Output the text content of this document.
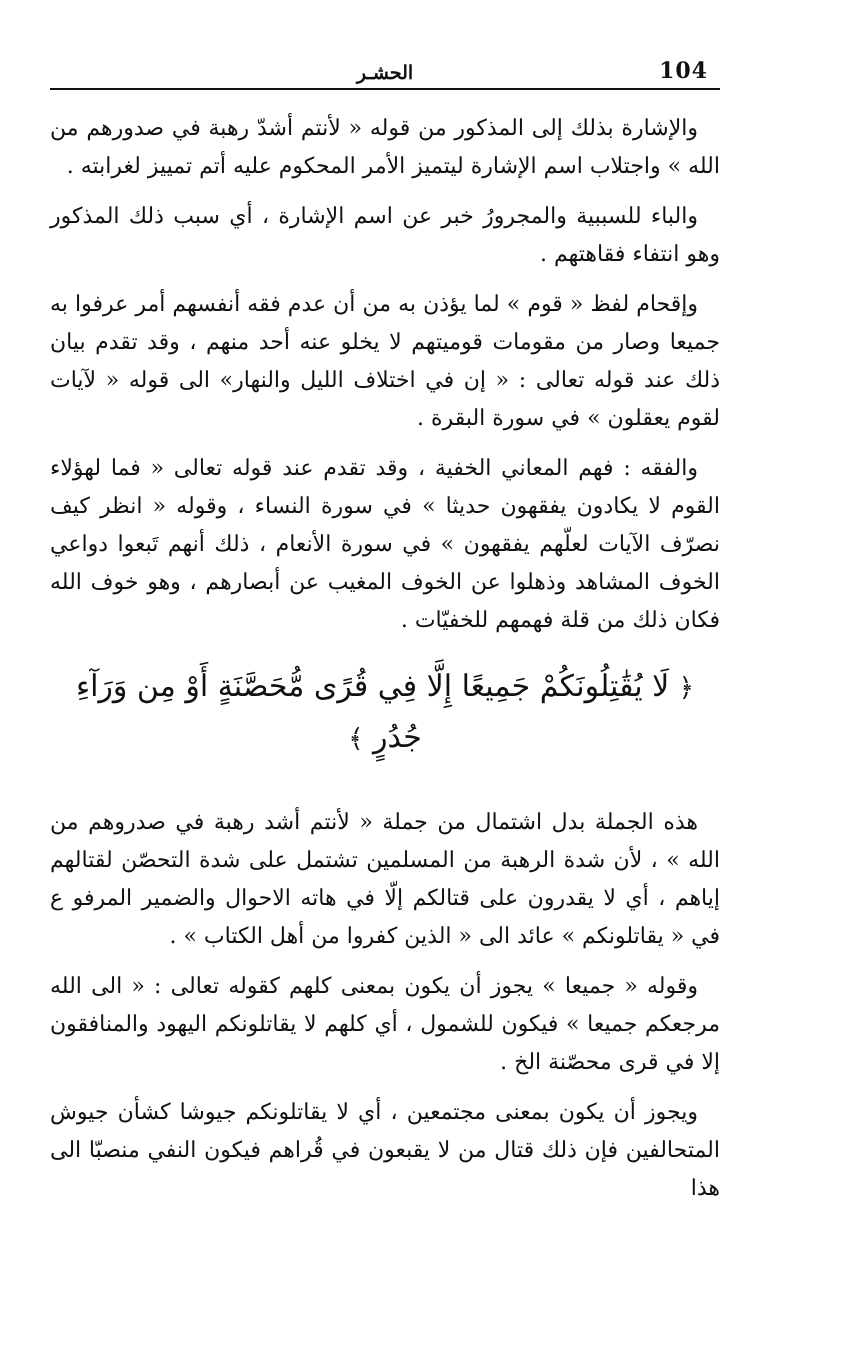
104
الحشـر

والإشارة بذلك إلى المذكور من قوله « لأنتم أشدّ رهبة في صدورهم من الله » واجتلاب اسم الإشارة ليتميز الأمر المحكوم عليه أتم تمييز لغرابته .

والباء للسببية والمجرورُ خبر عن اسم الإشارة ، أي سبب ذلك المذكور وهو انتفاء فقاهتهم .

وإقحام لفظ « قوم » لما يؤذن به من أن عدم فقه أنفسهم أمر عرفوا به جميعا وصار من مقومات قوميتهم لا يخلو عنه أحد منهم ، وقد تقدم بيان ذلك عند قوله تعالى : « إن في اختلاف الليل والنهار» الى قوله « لآيات لقوم يعقلون » في سورة البقرة .

والفقه : فهم المعاني الخفية ، وقد تقدم عند قوله تعالى « فما لهؤلاء القوم لا يكادون يفقهون حديثا » في سورة النساء ، وقوله « انظر كيف نصرّف الآيات لعلّهم يفقهون » في سورة الأنعام ، ذلك أنهم تَبعوا دواعي الخوف المشاهد وذهلوا عن الخوف المغيب عن أبصارهم ، وهو خوف الله فكان ذلك من قلة فهمهم للخفيّات .

﴿ لَا يُقَٰتِلُونَكُمْ جَمِيعًا إِلَّا فِي قُرًى مُّحَصَّنَةٍ أَوْ مِن وَرَآءِ جُدُرٍ ﴾

هذه الجملة بدل اشتمال من جملة « لأنتم أشد رهبة في صدروهم من الله » ، لأن شدة الرهبة من المسلمين تشتمل على شدة التحصّن لقتالهم إياهم ، أي لا يقدرون على قتالكم إلّا في هاته الاحوال والضمير المرفو ع في « يقاتلونكم » عائد الى « الذين كفروا من أهل الكتاب » .

وقوله « جميعا » يجوز أن يكون بمعنى كلهم كقوله تعالى : « الى الله مرجعكم جميعا » فيكون للشمول ، أي كلهم لا يقاتلونكم اليهود والمنافقون إلا في قرى محصّنة الخ .

ويجوز أن يكون بمعنى مجتمعين ، أي لا يقاتلونكم جيوشا كشأن جيوش المتحالفين فإن ذلك قتال من لا يقبعون في قُراهم فيكون النفي منصبّا الى هذا
